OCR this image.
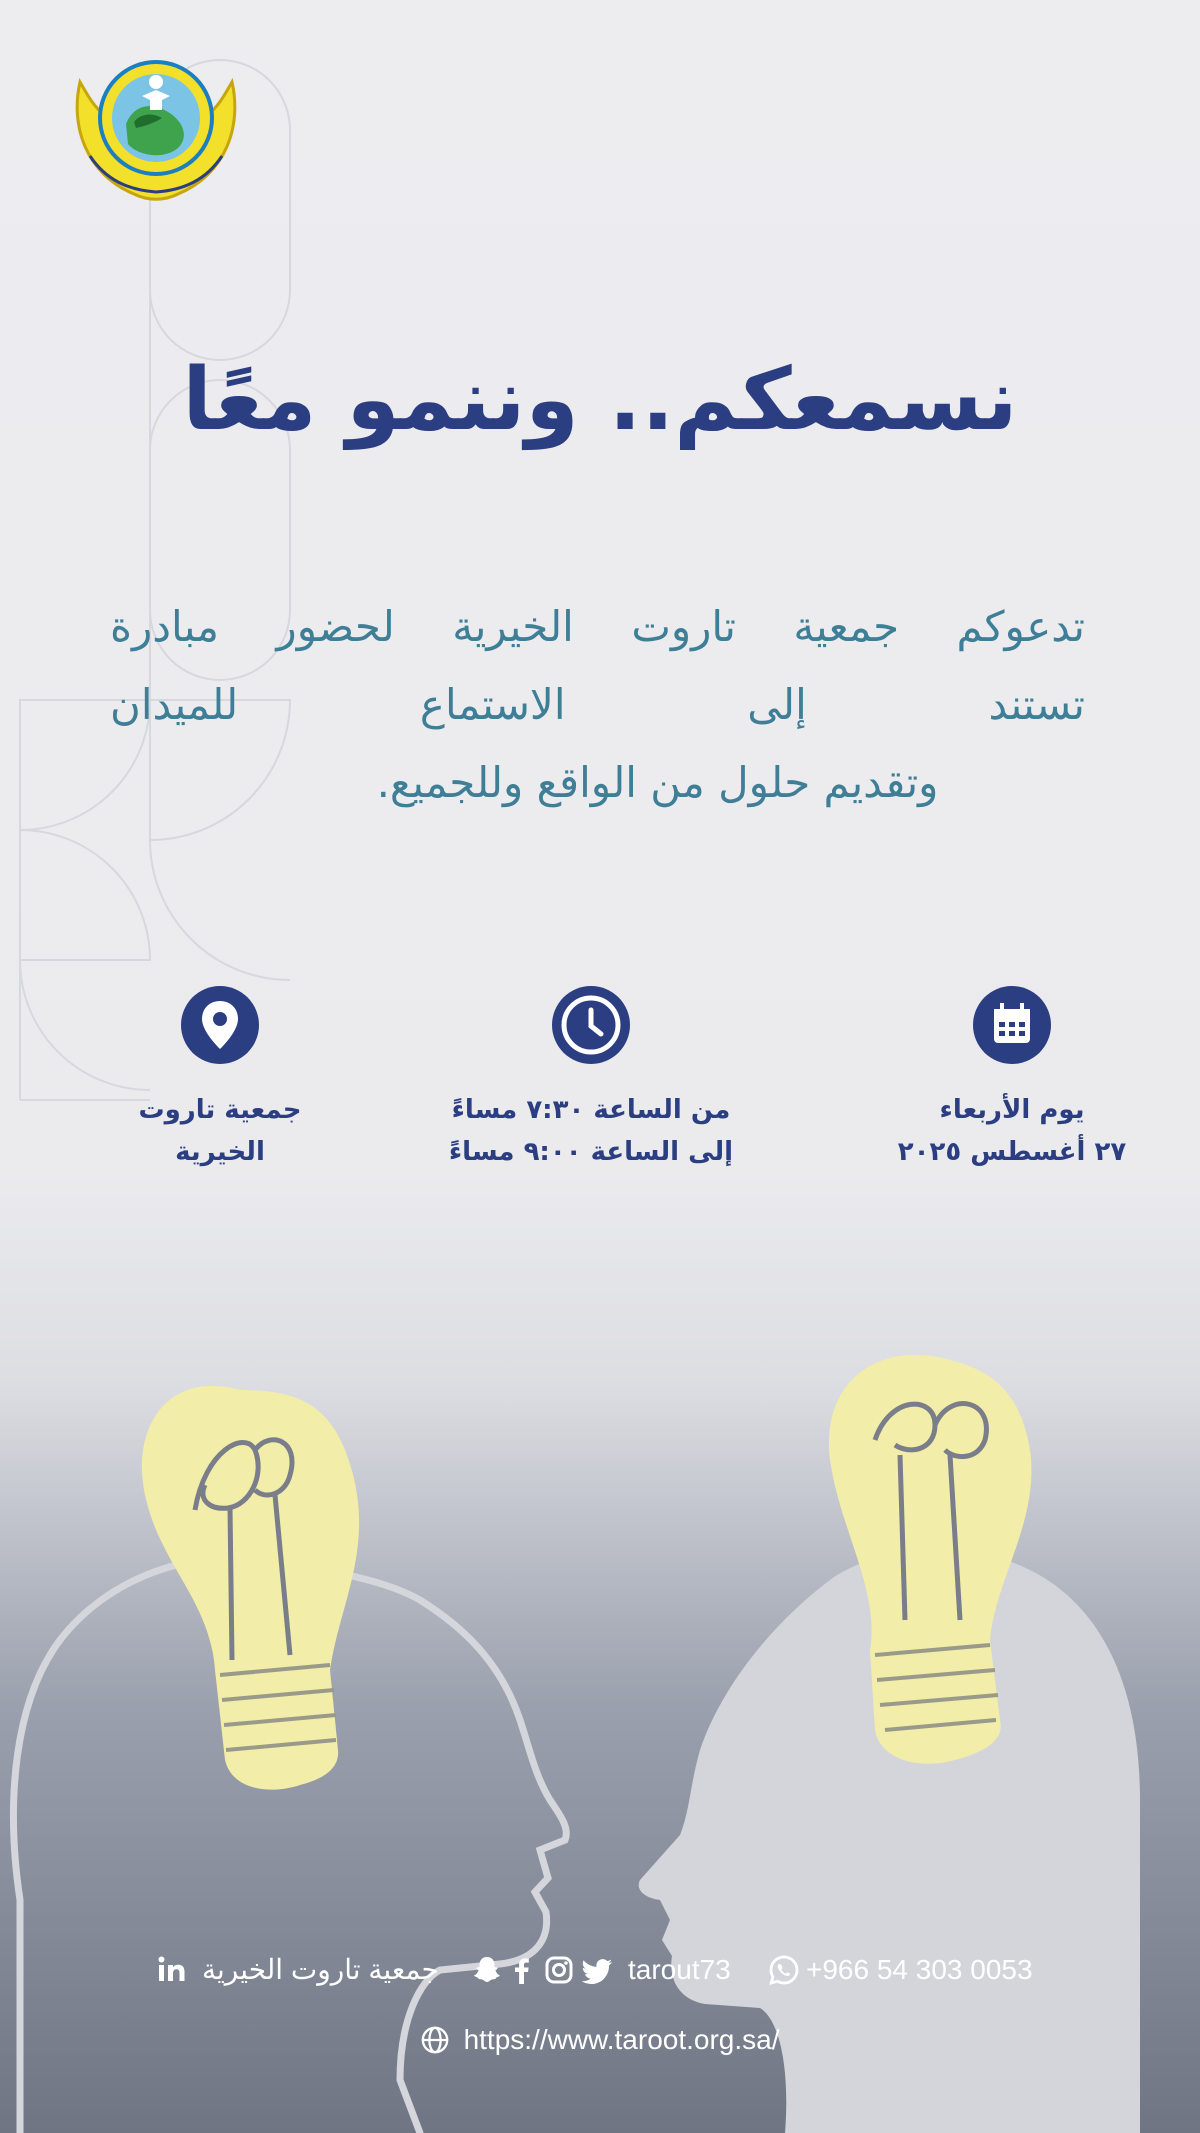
نسمعكم.. وننمو معًا
تدعوكم جمعية تاروت الخيرية لحضور مبادرة
تستند إلى الاستماع للميدان
وتقديم حلول من الواقع وللجميع.
يوم الأربعاء
٢٧ أغسطس ٢٠٢٥
من الساعة ٧:٣٠ مساءً
إلى الساعة ٩:٠٠ مساءً
جمعية تاروت
الخيرية
جمعية تاروت الخيرية	tarout73	+966 54 303 0053
https://www.taroot.org.sa/
